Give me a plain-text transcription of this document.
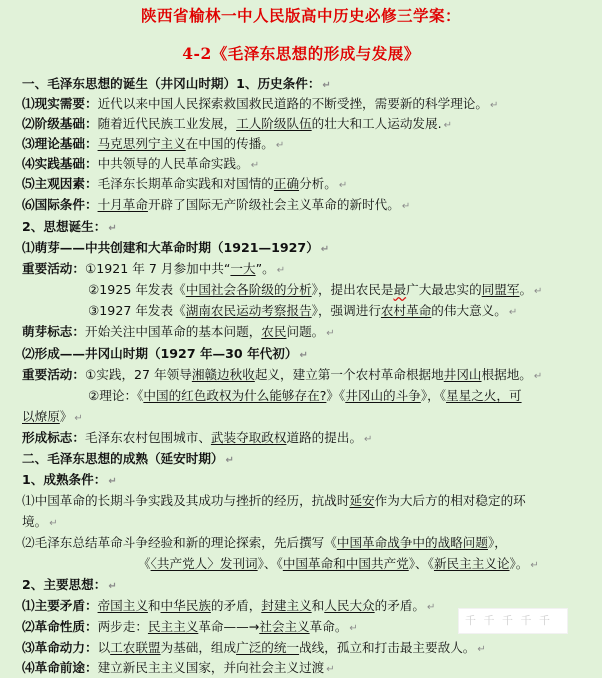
陕西省榆林一中人民版高中历史必修三学案：
4-2《毛泽东思想的形成与发展》
一、毛泽东思想的诞生（井冈山时期）1、历史条件： ↵
⑴现实需要：近代以来中国人民探索救国救民道路的不断受挫，需要新的科学理论。 ↵
⑵阶级基础：随着近代民族工业发展，工人阶级队伍的壮大和工人运动发展. ↵
⑶理论基础：马克思列宁主义在中国的传播。 ↵
⑷实践基础：中共领导的人民革命实践。 ↵
⑸主观因素：毛泽东长期革命实践和对国情的正确分析。 ↵
⑹国际条件：十月革命开辟了国际无产阶级社会主义革命的新时代。 ↵
2、思想诞生： ↵
⑴萌芽——中共创建和大革命时期（1921—1927） ↵
重要活动：①1921 年 7 月参加中共“一大”。 ↵
②1925 年发表《中国社会各阶级的分析》，提出农民是最广大最忠实的同盟军。 ↵
③1927 年发表《湖南农民运动考察报告》，强调进行农村革命的伟大意义。 ↵
萌芽标志：开始关注中国革命的基本问题，农民问题。 ↵
⑵形成——井冈山时期（1927 年—30 年代初） ↵
重要活动：①实践，27 年领导湘赣边秋收起义，建立第一个农村革命根据地井冈山根据地。 ↵
②理论：《中国的红色政权为什么能够存在?》《井冈山的斗争》，《星星之火，可
以燎原》 ↵
形成标志：毛泽东农村包围城市、武装夺取政权道路的提出。 ↵
二、毛泽东思想的成熟（延安时期） ↵
1、成熟条件： ↵
⑴中国革命的长期斗争实践及其成功与挫折的经历，抗战时延安作为大后方的相对稳定的环
境。 ↵
⑵毛泽东总结革命斗争经验和新的理论探索，先后撰写《中国革命战争中的战略问题》，
《〈共产党人〉发刊词》、《中国革命和中国共产党》、《新民主主义论》。 ↵
2、主要思想： ↵
⑴主要矛盾：帝国主义和中华民族的矛盾，封建主义和人民大众的矛盾。 ↵
⑵革命性质：两步走：民主主义革命——→社会主义革命。 ↵
⑶革命动力：以工农联盟为基础，组成广泛的统一战线，孤立和打击最主要敌人。 ↵
⑷革命前途：建立新民主主义国家，并向社会主义过渡 ↵
千 千 千 千 千
